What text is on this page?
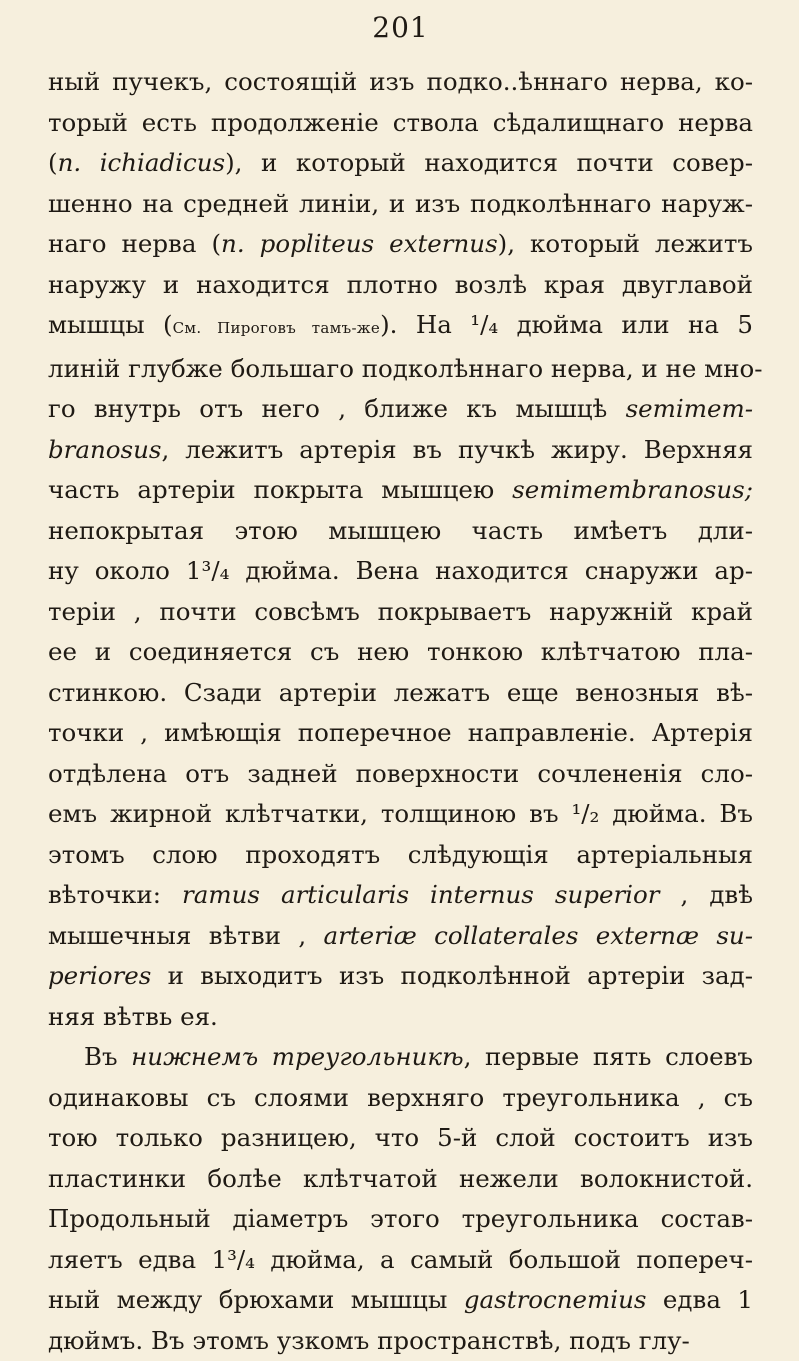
201
ный пучекъ, состоящій изъ подко..ѣннаго нерва, ко-
торый есть продолженіе ствола сѣдалищнаго нерва
(n. ichiadicus), и который находится почти совер-
шенно на средней линіи, и изъ подколѣннаго наруж-
наго нерва (n. popliteus externus), который лежитъ
наружу и находится плотно возлѣ края двуглавой
мышцы (См. Пироговъ тамъ-же). На ¹/₄ дюйма или на 5
линій глубже большаго подколѣннаго нерва, и не мно-
го внутрь отъ него , ближе къ мышцѣ semimem-
branosus, лежитъ артерія въ пучкѣ жиру. Верхняя
часть артеріи покрыта мышцею semimembranosus;
непокрытая этою мышцею часть имѣетъ дли-
ну около 1³/₄ дюйма. Вена находится снаружи ар-
теріи , почти совсѣмъ покрываетъ наружній край
ее и соединяется съ нею тонкою клѣтчатою пла-
стинкою. Сзади артеріи лежатъ еще венозныя вѣ-
точки , имѣющія поперечное направленіе. Артерія
отдѣлена отъ задней поверхности сочлененія сло-
емъ жирной клѣтчатки, толщиною въ ¹/₂ дюйма. Въ
этомъ слою проходятъ слѣдующія артеріальныя
вѣточки: ramus articularis internus superior , двѣ
мышечныя вѣтви , arteriæ collaterales externæ su-
periores и выходитъ изъ подколѣнной артеріи зад-
няя вѣтвь ея.
Въ нижнемъ треугольникѣ, первые пять слоевъ
одинаковы съ слоями верхняго треугольника , съ
тою только разницею, что 5-й слой состоитъ изъ
пластинки болѣе клѣтчатой нежели волокнистой.
Продольный діаметръ этого треугольника состав-
ляетъ едва 1³/₄ дюйма, а самый большой попереч-
ный между брюхами мышцы gastrocnemius едва 1
дюймъ. Въ этомъ узкомъ пространствѣ, подъ глу-
